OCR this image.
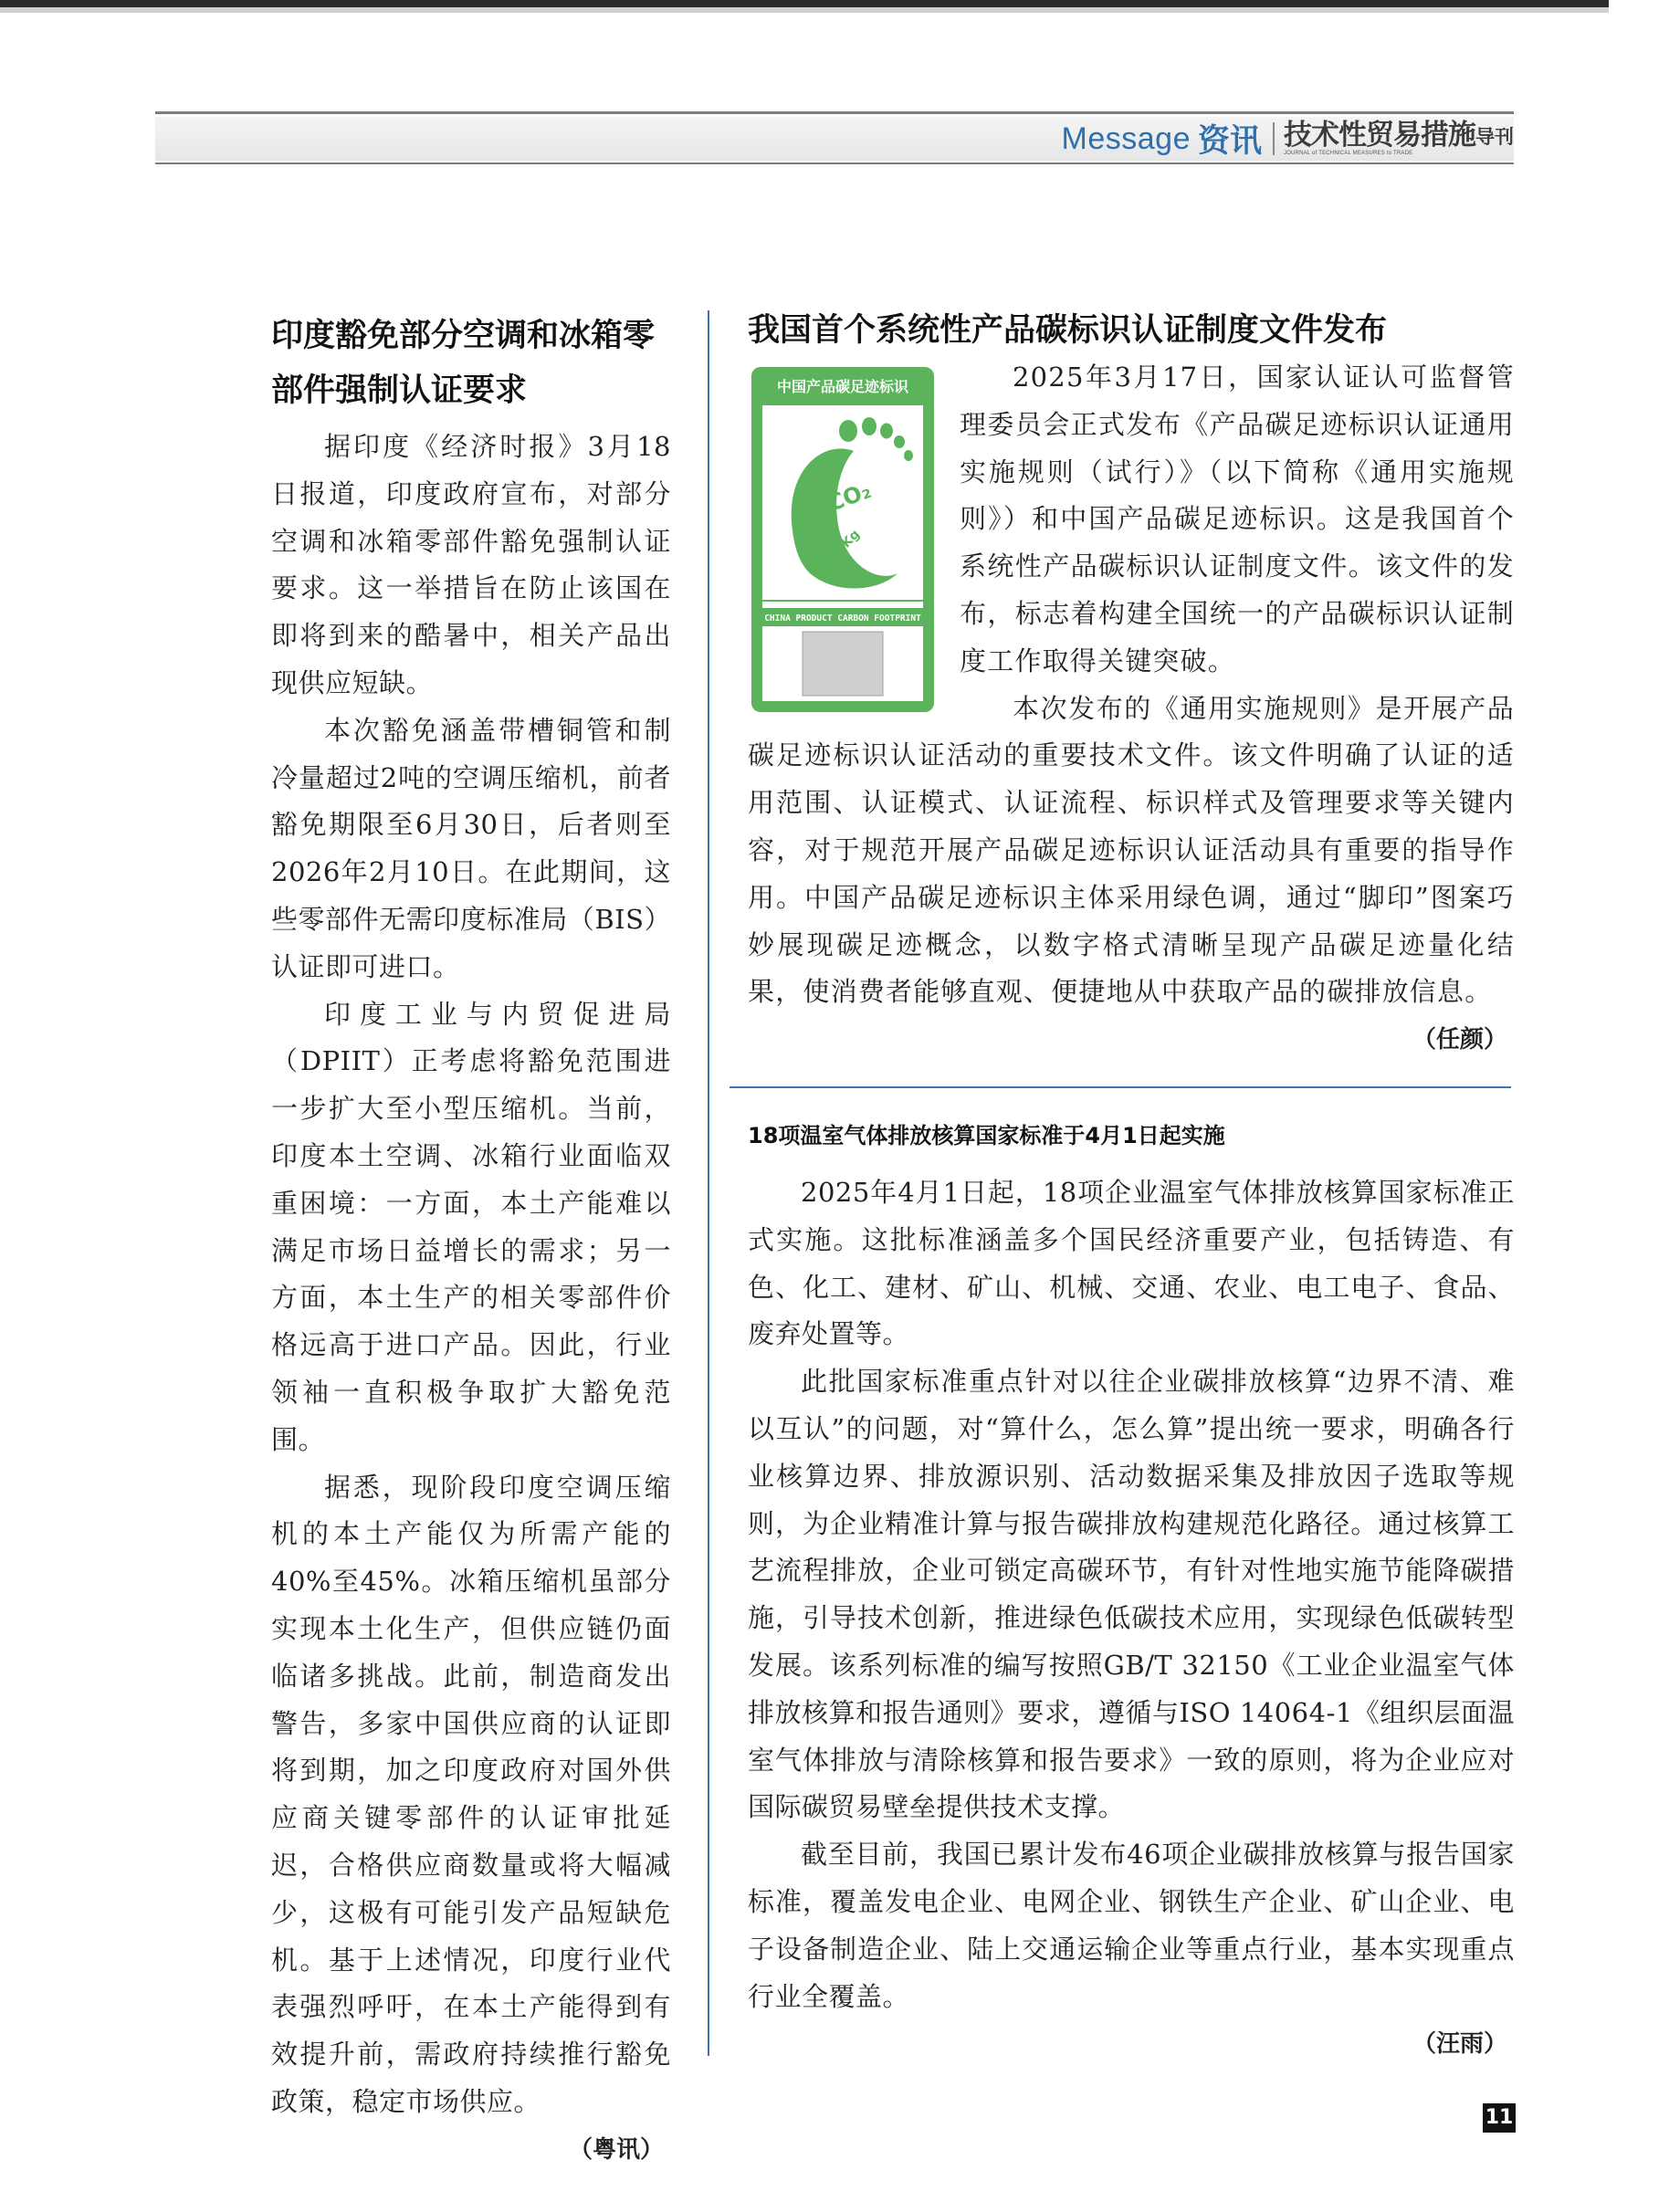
Message 资讯 技术性贸易措施 导刊
JOURNAL of TECHNICAL MEASURES to TRADE
印度豁免部分空调和冰箱零部件强制认证要求

据印度《经济时报》3月18日报道，印度政府宣布，对部分空调和冰箱零部件豁免强制认证要求。这一举措旨在防止该国在即将到来的酷暑中，相关产品出现供应短缺。

本次豁免涵盖带槽铜管和制冷量超过2吨的空调压缩机，前者豁免期限至6月30日，后者则至2026年2月10日。在此期间，这些零部件无需印度标准局（BIS）认证即可进口。

印度工业与内贸促进局（DPIIT）正考虑将豁免范围进一步扩大至小型压缩机。当前，印度本土空调、冰箱行业面临双重困境：一方面，本土产能难以满足市场日益增长的需求；另一方面，本土生产的相关零部件价格远高于进口产品。因此，行业领袖一直积极争取扩大豁免范围。

据悉，现阶段印度空调压缩机的本土产能仅为所需产能的40%至45%。冰箱压缩机虽部分实现本土化生产，但供应链仍面临诸多挑战。此前，制造商发出警告，多家中国供应商的认证即将到期，加之印度政府对国外供应商关键零部件的认证审批延迟，合格供应商数量或将大幅减少，这极有可能引发产品短缺危机。基于上述情况，印度行业代表强烈呼吁，在本土产能得到有效提升前，需政府持续推行豁免政策，稳定市场供应。

（粤讯）
我国首个系统性产品碳标识认证制度文件发布
中国产品碳足迹标识
CO₂
0000Kg
CHINA PRODUCT CARBON FOOTPRINT

2025年3月17日，国家认证认可监督管理委员会正式发布《产品碳足迹标识认证通用实施规则（试行）》（以下简称《通用实施规则》）和中国产品碳足迹标识。这是我国首个系统性产品碳标识认证制度文件。该文件的发布，标志着构建全国统一的产品碳标识认证制度工作取得关键突破。

本次发布的《通用实施规则》是开展产品碳足迹标识认证活动的重要技术文件。该文件明确了认证的适用范围、认证模式、认证流程、标识样式及管理要求等关键内容，对于规范开展产品碳足迹标识认证活动具有重要的指导作用。中国产品碳足迹标识主体采用绿色调，通过“脚印”图案巧妙展现碳足迹概念，以数字格式清晰呈现产品碳足迹量化结果，使消费者能够直观、便捷地从中获取产品的碳排放信息。

（任颜）
18项温室气体排放核算国家标准于4月1日起实施

2025年4月1日起，18项企业温室气体排放核算国家标准正式实施。这批标准涵盖多个国民经济重要产业，包括铸造、有色、化工、建材、矿山、机械、交通、农业、电工电子、食品、废弃处置等。

此批国家标准重点针对以往企业碳排放核算“边界不清、难以互认”的问题，对“算什么，怎么算”提出统一要求，明确各行业核算边界、排放源识别、活动数据采集及排放因子选取等规则，为企业精准计算与报告碳排放构建规范化路径。通过核算工艺流程排放，企业可锁定高碳环节，有针对性地实施节能降碳措施，引导技术创新，推进绿色低碳技术应用，实现绿色低碳转型发展。该系列标准的编写按照GB/T 32150《工业企业温室气体排放核算和报告通则》要求，遵循与ISO 14064-1《组织层面温室气体排放与清除核算和报告要求》一致的原则，将为企业应对国际碳贸易壁垒提供技术支撑。

截至目前，我国已累计发布46项企业碳排放核算与报告国家标准，覆盖发电企业、电网企业、钢铁生产企业、矿山企业、电子设备制造企业、陆上交通运输企业等重点行业，基本实现重点行业全覆盖。

（汪雨）
11
